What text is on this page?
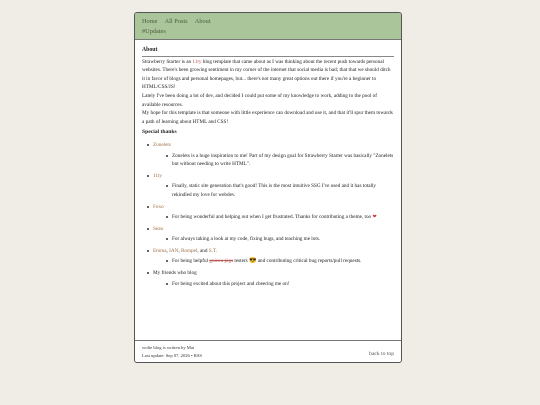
Home All Posts About
#Updates
About

Strawberry Starter is an 11ty blog template that came about as I was thinking about the recent push towards personal websites. There's been growing sentiment in my corner of the internet that social media is bad; that that we should ditch it in favor of blogs and personal homepages, but... there's not many great options out there if you're a beginner to HTML/CSS/JS!

Lately I've been doing a lot of dev, and decided I could put some of my knowledge to work, adding to the pool of available resources.

My hope for this template is that someone with little experience can download and use it, and that it'll spur them towards a path of learning about HTML and CSS!

Special thanks
Zonelets
Zonelets is a huge inspiration to me! Part of my design goal for Strawberry Starter was basically "Zonelets but without needing to write HTML".
11ty
Finally, static site generation that's good! This is the most intuitive SSG I've used and it has totally rekindled my love for webdev.
Foxo
For being wonderful and helping out when I get frustrated. Thanks for contributing a theme, too ❤
Sean
For always taking a look at my code, fixing bugs, and teaching me lots.
Emma, IAN, Rompel, and S.T.
For being helpful guinea pigs testers 😎 and contributing critical bug reports/pull requests.
My friends who blog
For being excited about this project and cheering me on!
wolte blog is written by Mai
Last update: Sep 07, 2026 • RSS	back to top
